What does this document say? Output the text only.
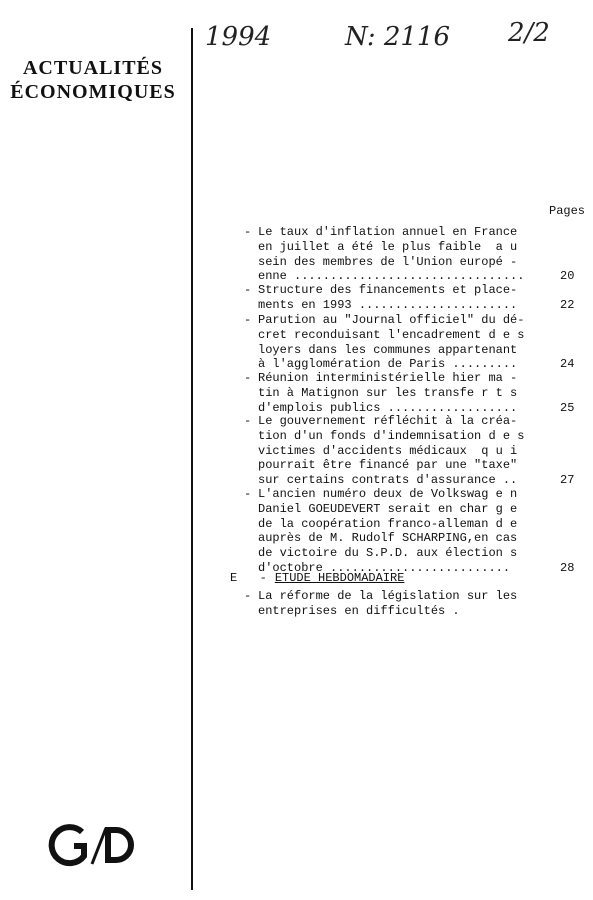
ACTUALITÉS
ÉCONOMIQUES
1994	N: 2116 2/2
Pages
- Le taux d'inflation annuel en France
en juillet a été le plus faible  a u
sein des membres de l'Union europé -
enne ................................	20
- Structure des financements et place-
ments en 1993 ......................	22
- Parution au "Journal officiel" du dé-
cret reconduisant l'encadrement d e s
loyers dans les communes appartenant
à l'agglomération de Paris .........	24
- Réunion interministérielle hier ma -
tin à Matignon sur les transfe r t s
d'emplois publics ..................	25
- Le gouvernement réfléchit à la créa-
tion d'un fonds d'indemnisation d e s
victimes d'accidents médicaux  q u i
pourrait être financé par une "taxe"
sur certains contrats d'assurance ..	27
- L'ancien numéro deux de Volkswag e n
Daniel GOEUDEVERT serait en char g e
de la coopération franco-alleman d e
auprès de M. Rudolf SCHARPING,en cas
de victoire du S.P.D. aux élection s
d'octobre .........................	28
E - ETUDE HEBDOMADAIRE
- La réforme de la législation sur les
entreprises en difficultés .
